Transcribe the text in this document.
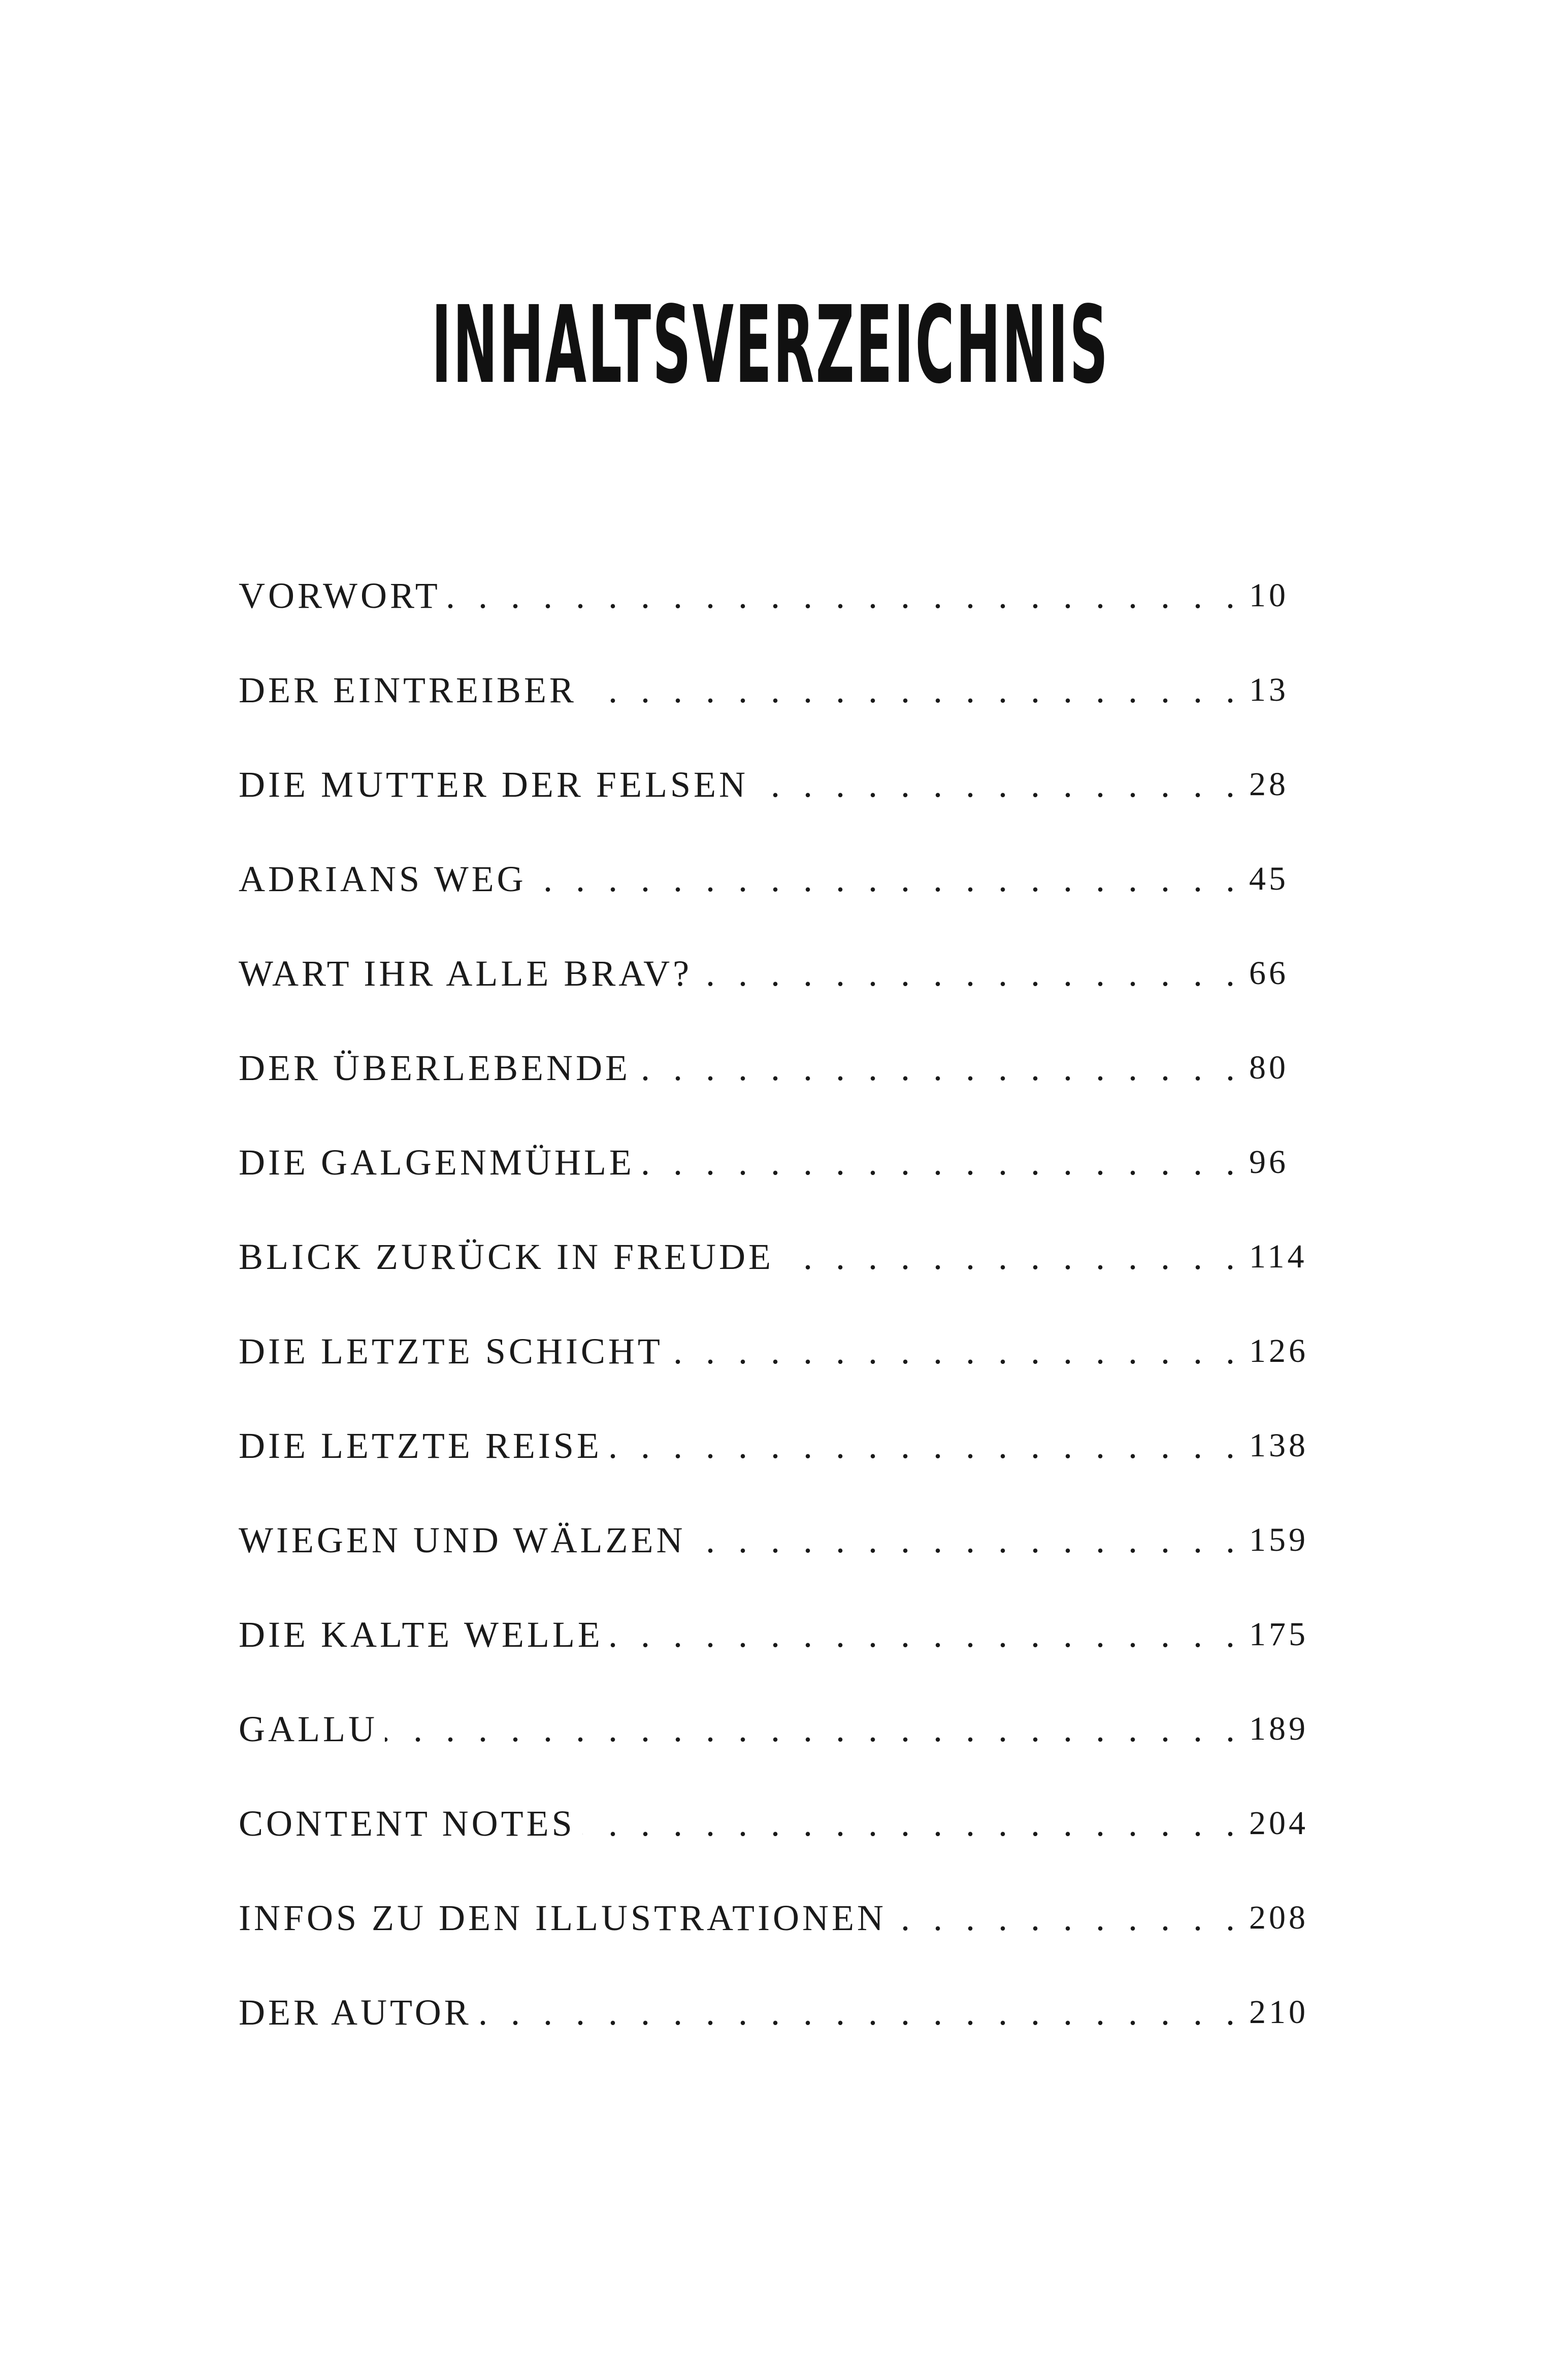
INHALTSVERZEICHNIS
VORWORT . . .	10
DER EINTREIBER . . .	13
DIE MUTTER DER FELSEN . . .	28
ADRIANS WEG . . .	45
WART IHR ALLE BRAV? . . .	66
DER ÜBERLEBENDE . . .	80
DIE GALGENMÜHLE . . .	96
BLICK ZURÜCK IN FREUDE . . .	114
DIE LETZTE SCHICHT . . .	126
DIE LETZTE REISE . . .	138
WIEGEN UND WÄLZEN . . .	159
DIE KALTE WELLE . . .	175
GALLU . . .	189
CONTENT NOTES . . .	204
INFOS ZU DEN ILLUSTRATIONEN . . .	208
DER AUTOR . . .	210
